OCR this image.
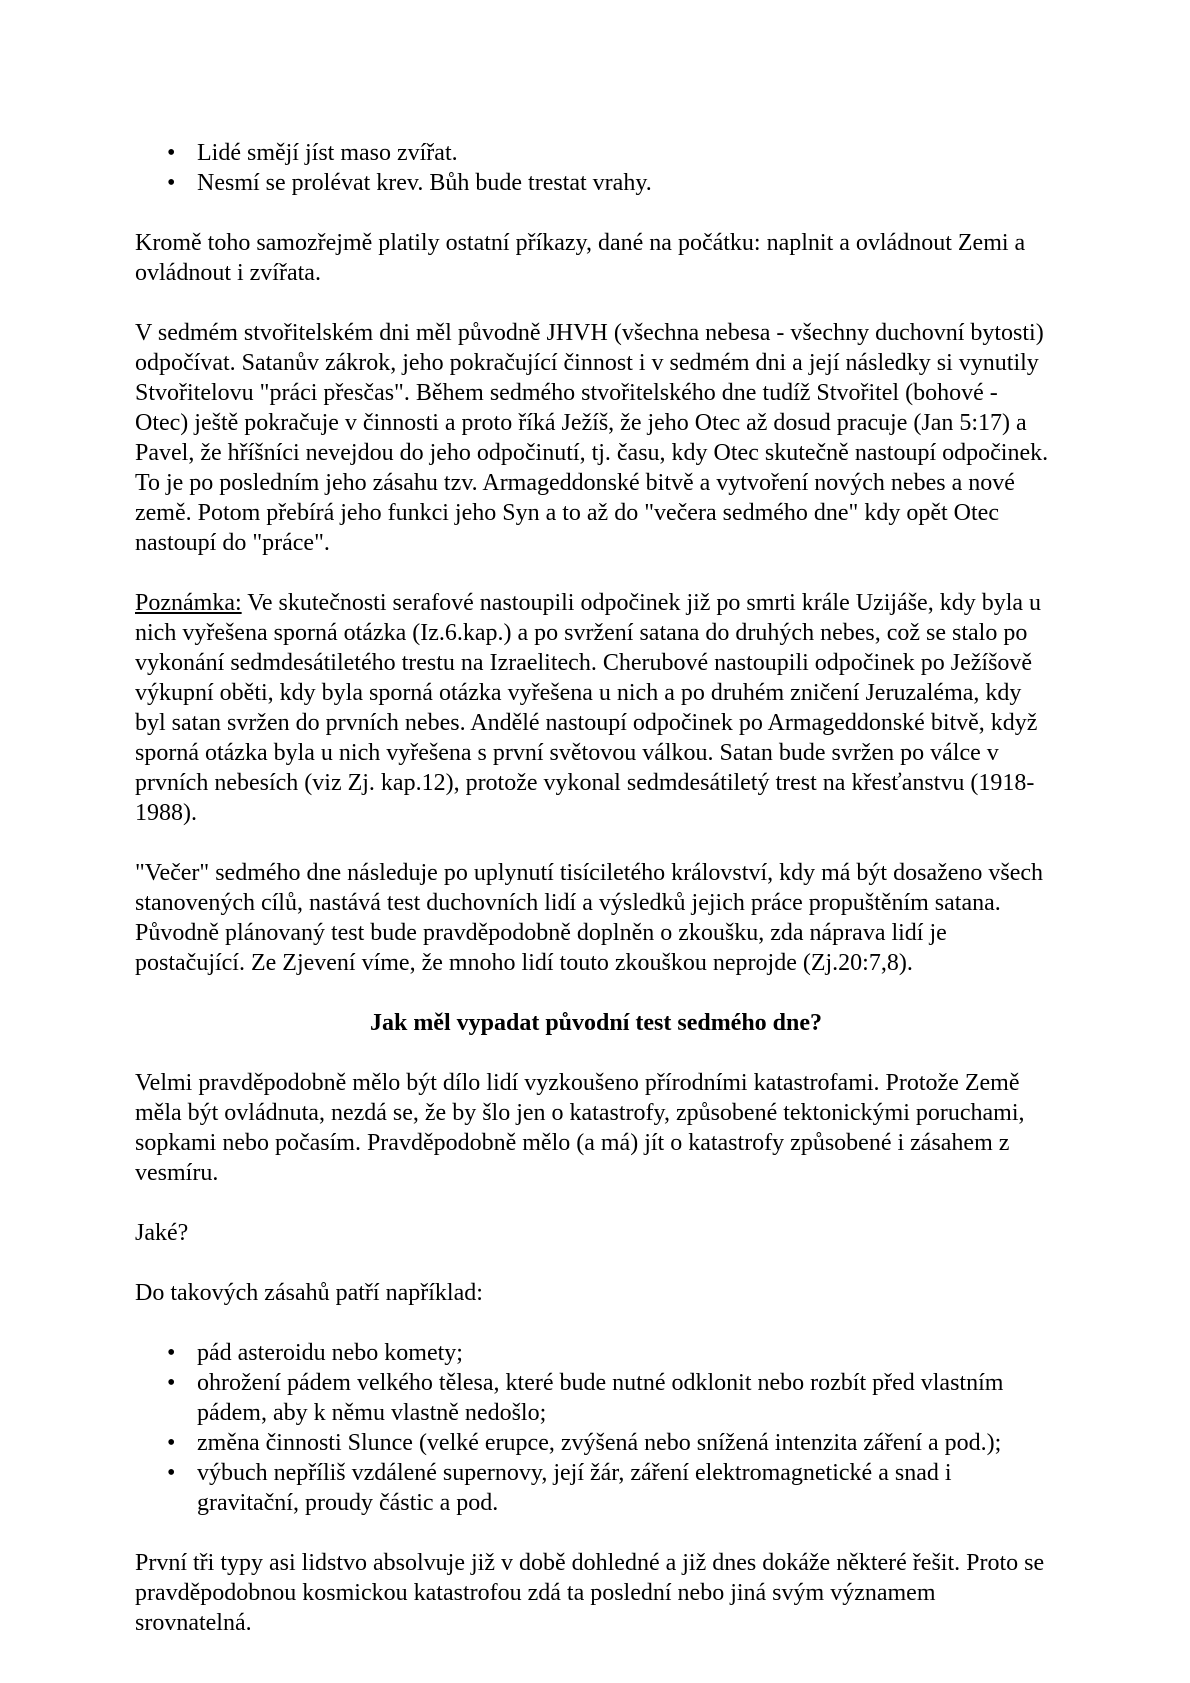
• Lidé smějí jíst maso zvířat.
• Nesmí se prolévat krev. Bůh bude trestat vrahy.

Kromě toho samozřejmě platily ostatní příkazy, dané na počátku: naplnit a ovládnout Zemi a ovládnout i zvířata.

V sedmém stvořitelském dni měl původně JHVH (všechna nebesa - všechny duchovní bytosti) odpočívat. Satanův zákrok, jeho pokračující činnost i v sedmém dni a její následky si vynutily Stvořitelovu "práci přesčas". Během sedmého stvořitelského dne tudíž Stvořitel (bohové - Otec) ještě pokračuje v činnosti a proto říká Ježíš, že jeho Otec až dosud pracuje (Jan 5:17) a Pavel, že hříšníci nevejdou do jeho odpočinutí, tj. času, kdy Otec skutečně nastoupí odpočinek. To je po posledním jeho zásahu tzv. Armageddonské bitvě a vytvoření nových nebes a nové země. Potom přebírá jeho funkci jeho Syn a to až do "večera sedmého dne" kdy opět Otec nastoupí do "práce".

Poznámka: Ve skutečnosti serafové nastoupili odpočinek již po smrti krále Uzijáše, kdy byla u nich vyřešena sporná otázka (Iz.6.kap.) a po svržení satana do druhých nebes, což se stalo po vykonání sedmdesátiletého trestu na Izraelitech. Cherubové nastoupili odpočinek po Ježíšově výkupní oběti, kdy byla sporná otázka vyřešena u nich a po druhém zničení Jeruzaléma, kdy byl satan svržen do prvních nebes. Andělé nastoupí odpočinek po Armageddonské bitvě, když sporná otázka byla u nich vyřešena s první světovou válkou. Satan bude svržen po válce v prvních nebesích (viz Zj. kap.12), protože vykonal sedmdesátiletý trest na křesťanstvu (1918-1988).

"Večer" sedmého dne následuje po uplynutí tisíciletého království, kdy má být dosaženo všech stanovených cílů, nastává test duchovních lidí a výsledků jejich práce propuštěním satana. Původně plánovaný test bude pravděpodobně doplněn o zkoušku, zda náprava lidí je postačující. Ze Zjevení víme, že mnoho lidí touto zkouškou neprojde (Zj.20:7,8).

Jak měl vypadat původní test sedmého dne?

Velmi pravděpodobně mělo být dílo lidí vyzkoušeno přírodními katastrofami. Protože Země měla být ovládnuta, nezdá se, že by šlo jen o katastrofy, způsobené tektonickými poruchami, sopkami nebo počasím. Pravděpodobně mělo (a má) jít o katastrofy způsobené i zásahem z vesmíru.

Jaké?

Do takových zásahů patří například:

• pád asteroidu nebo komety;
• ohrožení pádem velkého tělesa, které bude nutné odklonit nebo rozbít před vlastním pádem, aby k němu vlastně nedošlo;
• změna činnosti Slunce (velké erupce, zvýšená nebo snížená intenzita záření a pod.);
• výbuch nepříliš vzdálené supernovy, její žár, záření elektromagnetické a snad i gravitační, proudy částic a pod.

První tři typy asi lidstvo absolvuje již v době dohledné a již dnes dokáže některé řešit. Proto se pravděpodobnou kosmickou katastrofou zdá ta poslední nebo jiná svým významem srovnatelná.
